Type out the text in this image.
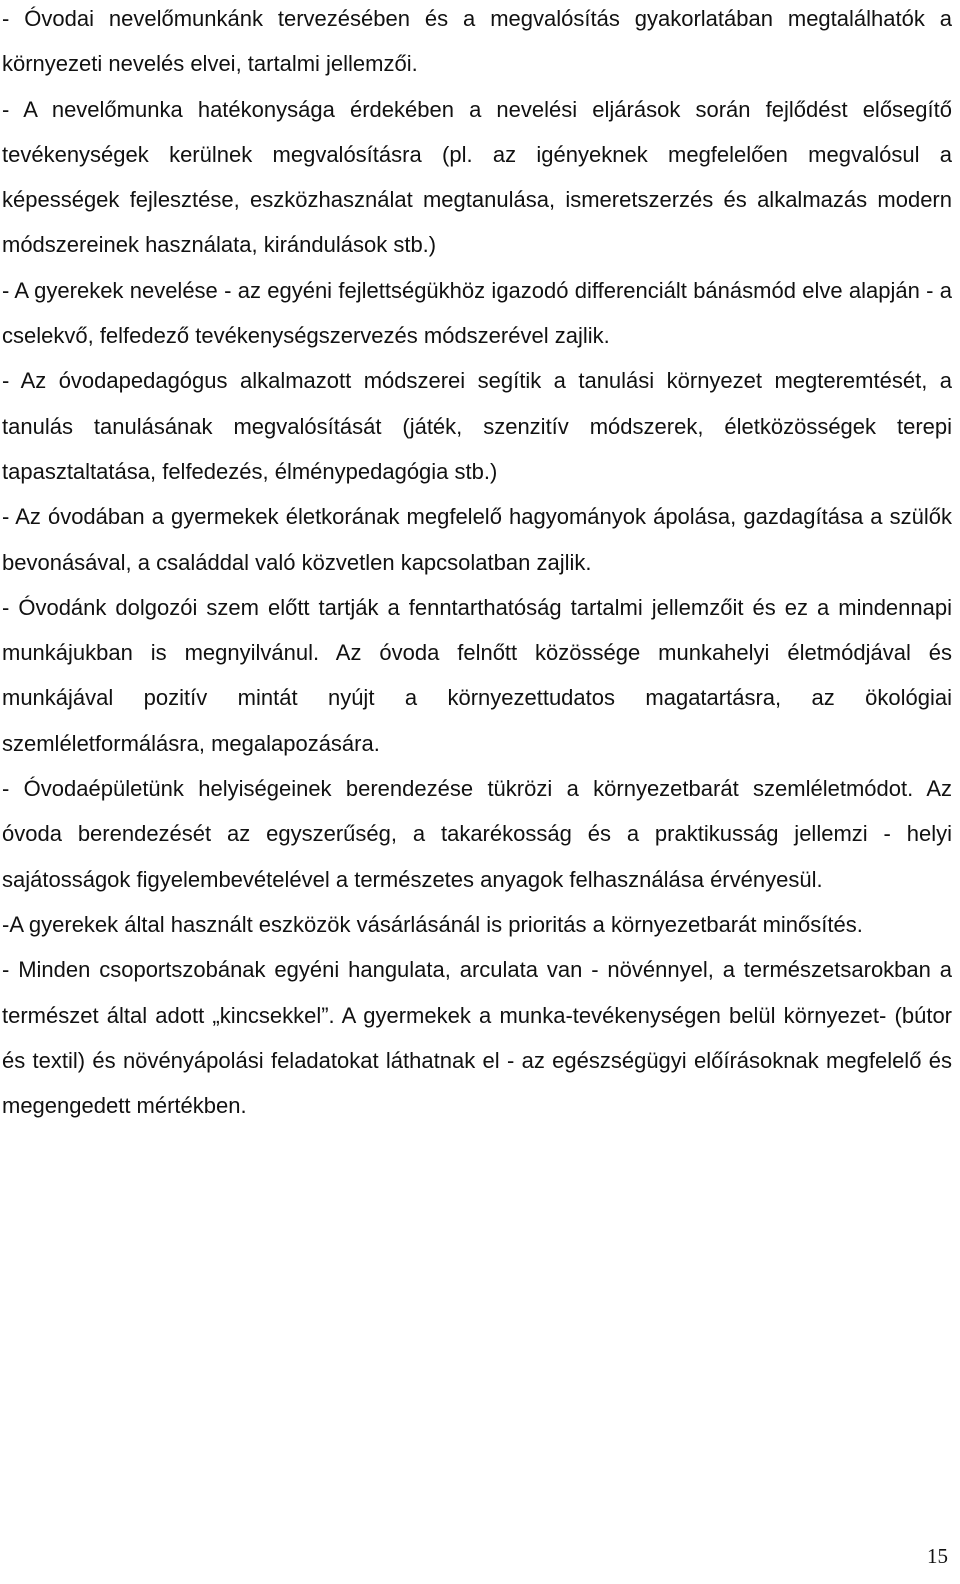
- Óvodai nevelőmunkánk tervezésében és a megvalósítás gyakorlatában megtalálhatók a környezeti nevelés elvei, tartalmi jellemzői.

- A nevelőmunka hatékonysága érdekében a nevelési eljárások során fejlődést elősegítő tevékenységek kerülnek megvalósításra (pl. az igényeknek megfelelően megvalósul a képességek fejlesztése, eszközhasználat megtanulása, ismeretszerzés és alkalmazás modern módszereinek használata, kirándulások stb.)

- A gyerekek nevelése - az egyéni fejlettségükhöz igazodó differenciált bánásmód elve alapján - a cselekvő, felfedező tevékenységszervezés módszerével zajlik.

- Az óvodapedagógus alkalmazott módszerei segítik a tanulási környezet megteremtését, a tanulás tanulásának megvalósítását (játék, szenzitív módszerek, életközösségek terepi tapasztaltatása, felfedezés, élménypedagógia stb.)

- Az óvodában a gyermekek életkorának megfelelő hagyományok ápolása, gazdagítása a szülők bevonásával, a családdal való közvetlen kapcsolatban zajlik.

- Óvodánk dolgozói szem előtt tartják a fenntarthatóság tartalmi jellemzőit és ez a mindennapi munkájukban is megnyilvánul. Az óvoda felnőtt közössége munkahelyi életmódjával és munkájával pozitív mintát nyújt a környezettudatos magatartásra, az ökológiai szemléletformálásra, megalapozására.

- Óvodaépületünk helyiségeinek berendezése tükrözi a környezetbarát szemléletmódot. Az óvoda berendezését az egyszerűség, a takarékosság és a praktikusság jellemzi - helyi sajátosságok figyelembevételével a természetes anyagok felhasználása érvényesül.

-A gyerekek által használt eszközök vásárlásánál is prioritás a környezetbarát minősítés.

- Minden csoportszobának egyéni hangulata, arculata van - növénnyel, a természetsarokban a természet által adott „kincsekkel”. A gyermekek a munka-tevékenységen belül környezet- (bútor és textil) és növényápolási feladatokat láthatnak el - az egészségügyi előírásoknak megfelelő és megengedett mértékben.

15
